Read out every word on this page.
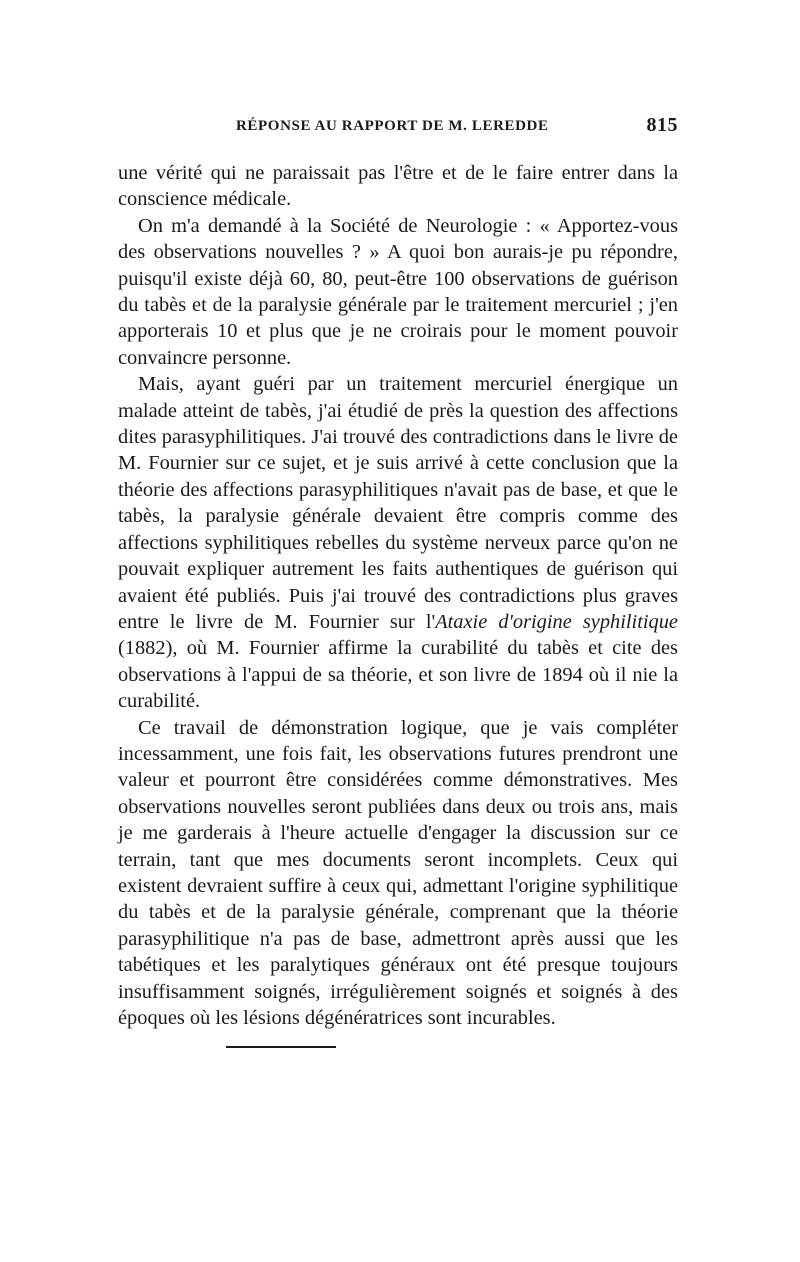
RÉPONSE AU RAPPORT DE M. LEREDDE	815

une vérité qui ne paraissait pas l'être et de le faire entrer dans la conscience médicale.

On m'a demandé à la Société de Neurologie : « Apportez-vous des observations nouvelles ? » A quoi bon aurais-je pu répondre, puisqu'il existe déjà 60, 80, peut-être 100 observations de guérison du tabès et de la paralysie générale par le traitement mercuriel ; j'en apporterais 10 et plus que je ne croirais pour le moment pouvoir convaincre personne.

Mais, ayant guéri par un traitement mercuriel énergique un malade atteint de tabès, j'ai étudié de près la question des affections dites parasyphilitiques. J'ai trouvé des contradictions dans le livre de M. Fournier sur ce sujet, et je suis arrivé à cette conclusion que la théorie des affections parasyphilitiques n'avait pas de base, et que le tabès, la paralysie générale devaient être compris comme des affections syphilitiques rebelles du système nerveux parce qu'on ne pouvait expliquer autrement les faits authentiques de guérison qui avaient été publiés. Puis j'ai trouvé des contradictions plus graves entre le livre de M. Fournier sur l'Ataxie d'origine syphilitique (1882), où M. Fournier affirme la curabilité du tabès et cite des observations à l'appui de sa théorie, et son livre de 1894 où il nie la curabilité.

Ce travail de démonstration logique, que je vais compléter incessamment, une fois fait, les observations futures prendront une valeur et pourront être considérées comme démonstratives. Mes observations nouvelles seront publiées dans deux ou trois ans, mais je me garderais à l'heure actuelle d'engager la discussion sur ce terrain, tant que mes documents seront incomplets. Ceux qui existent devraient suffire à ceux qui, admettant l'origine syphilitique du tabès et de la paralysie générale, comprenant que la théorie parasyphilitique n'a pas de base, admettront après aussi que les tabétiques et les paralytiques généraux ont été presque toujours insuffisamment soignés, irrégulièrement soignés et soignés à des époques où les lésions dégénératrices sont incurables.
